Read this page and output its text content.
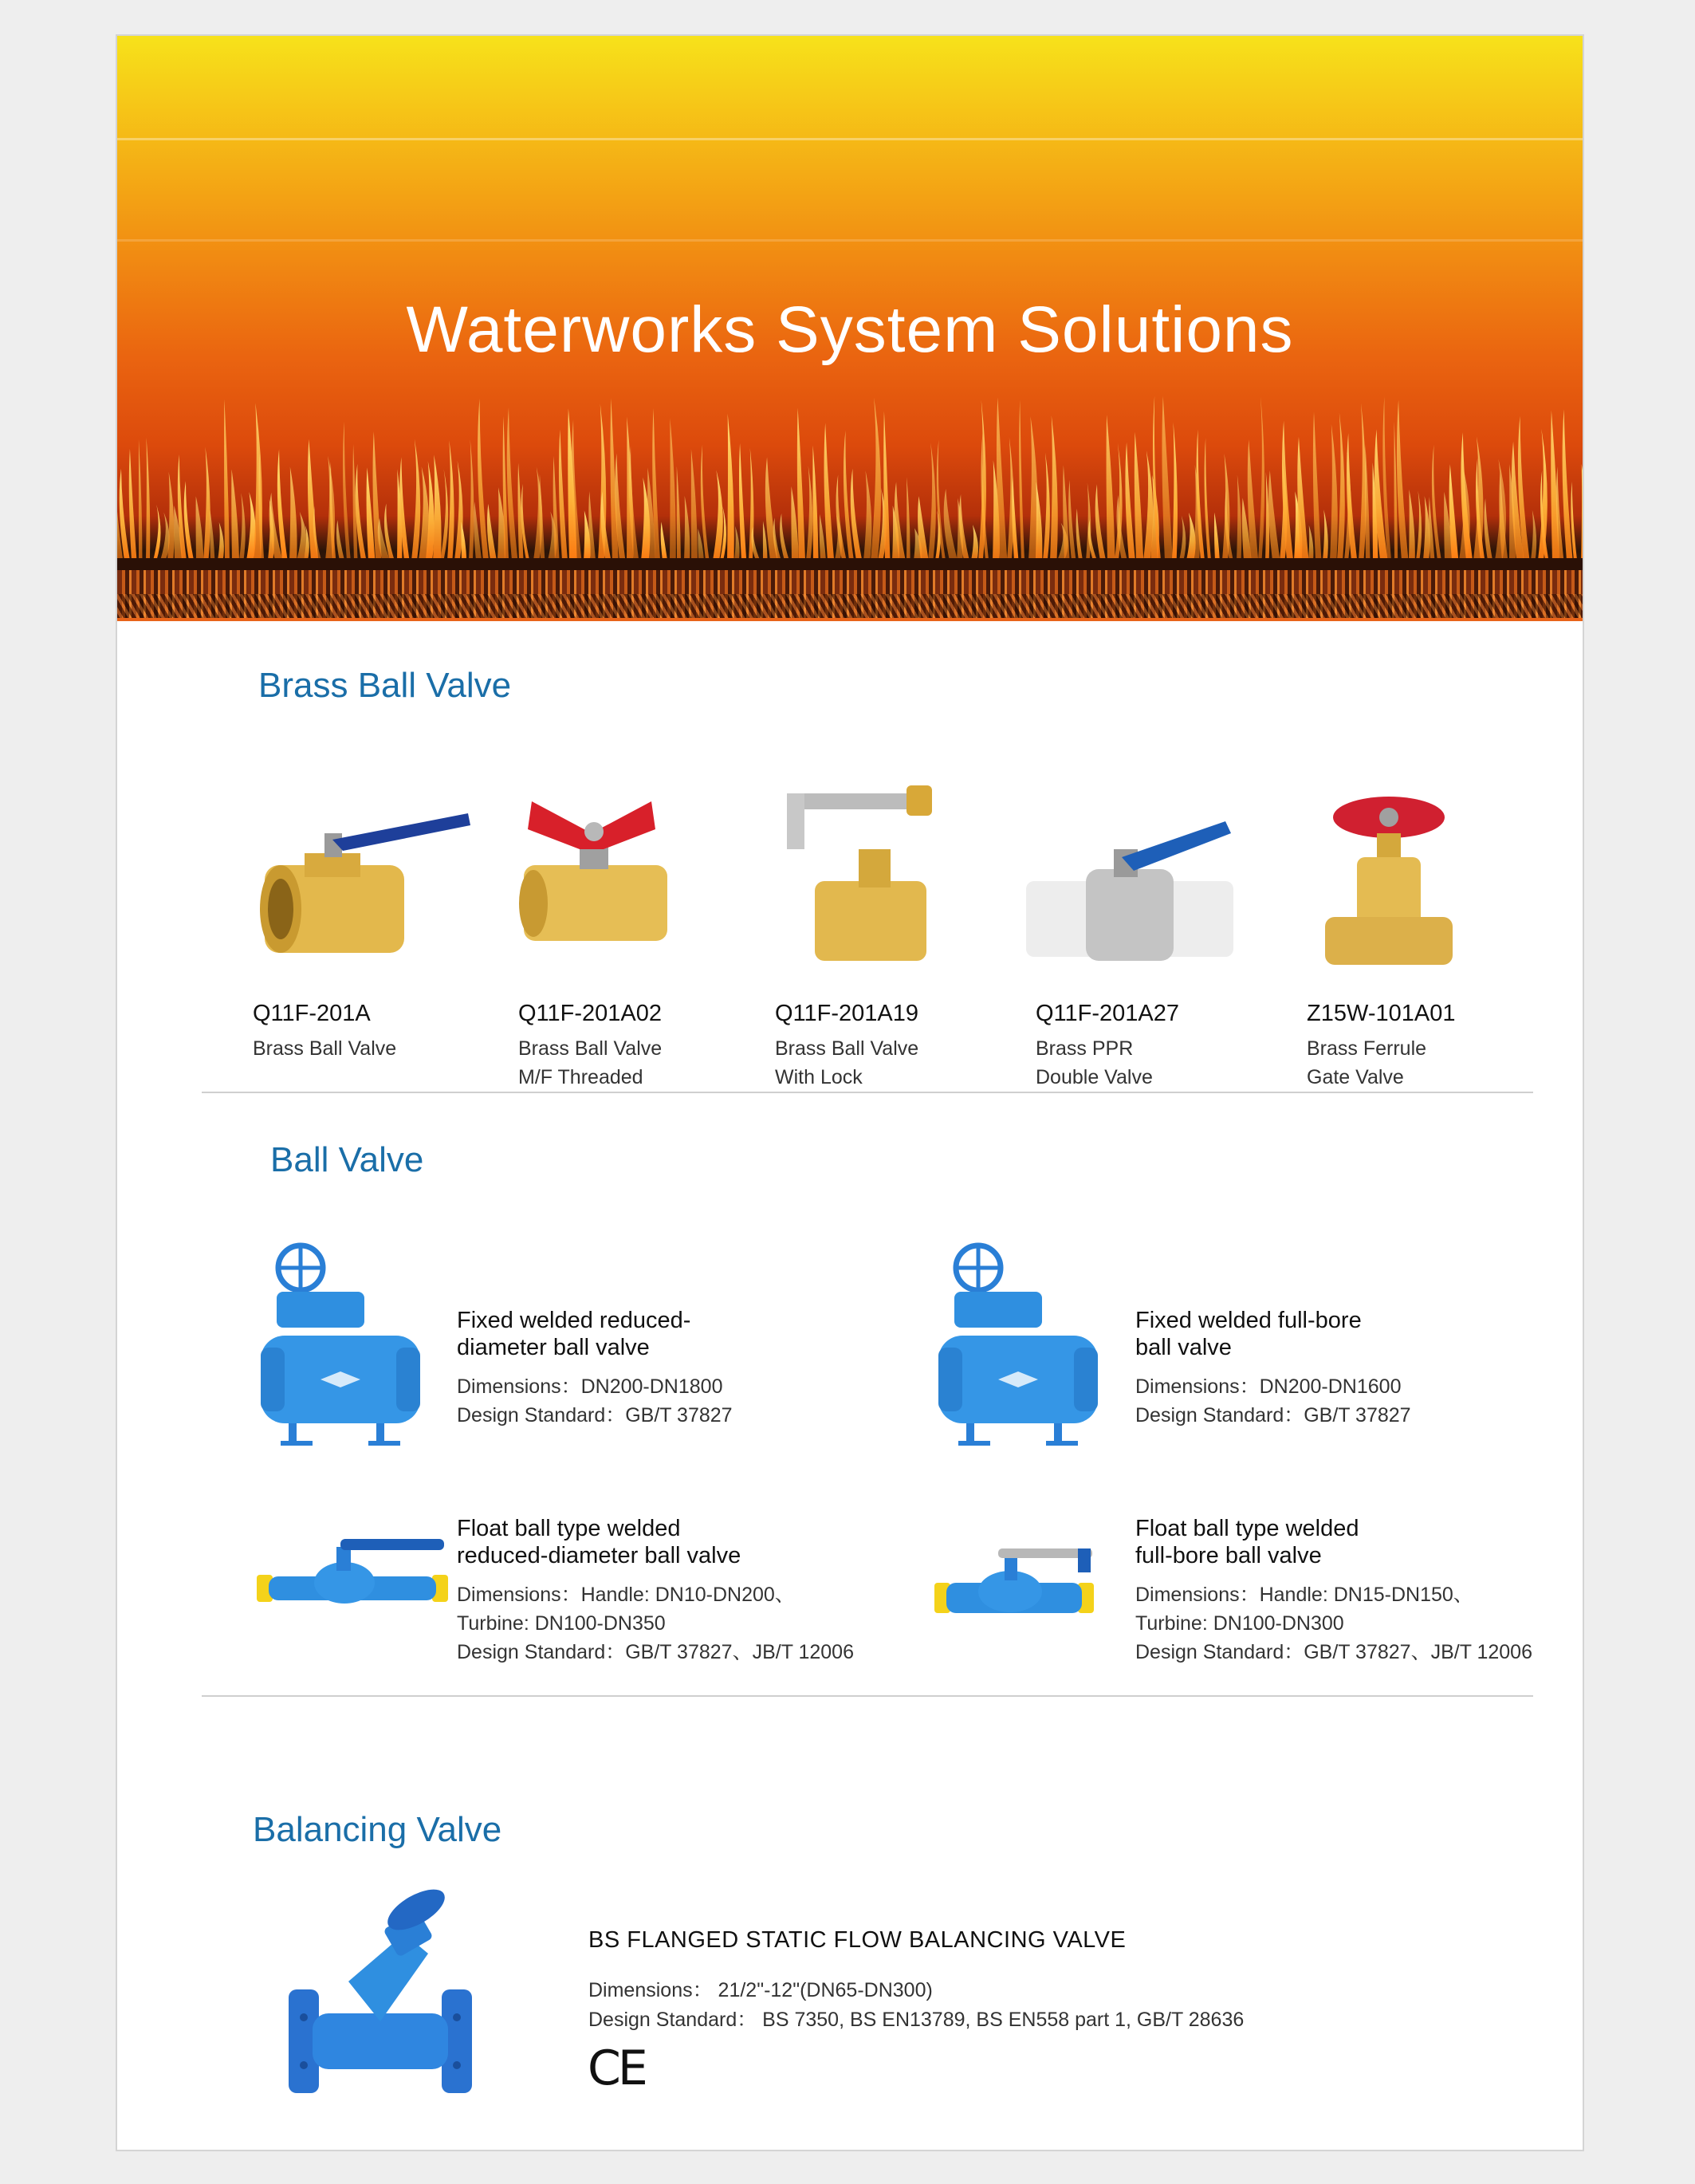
Waterworks System Solutions
Brass Ball Valve
Q11F-201A
Brass Ball Valve
Q11F-201A02
Brass Ball Valve
M/F Threaded
Q11F-201A19
Brass Ball Valve
With Lock
Q11F-201A27
Brass PPR
Double Valve
Z15W-101A01
Brass Ferrule
Gate Valve
Ball Valve
Fixed welded reduced-
diameter ball valve
Dimensions：DN200-DN1800
Design Standard：GB/T 37827
Fixed welded full-bore
ball valve
Dimensions：DN200-DN1600
Design Standard：GB/T 37827
Float ball type welded
reduced-diameter ball valve
Dimensions：Handle: DN10-DN200、
Turbine: DN100-DN350
Design Standard：GB/T 37827、JB/T 12006
Float ball type welded
full-bore ball valve
Dimensions：Handle: DN15-DN150、
Turbine: DN100-DN300
Design Standard：GB/T 37827、JB/T 12006
Balancing Valve
BS FLANGED STATIC FLOW BALANCING VALVE
Dimensions： 21/2"-12"(DN65-DN300)
Design Standard： BS 7350, BS EN13789, BS EN558 part 1, GB/T 28636
CE
